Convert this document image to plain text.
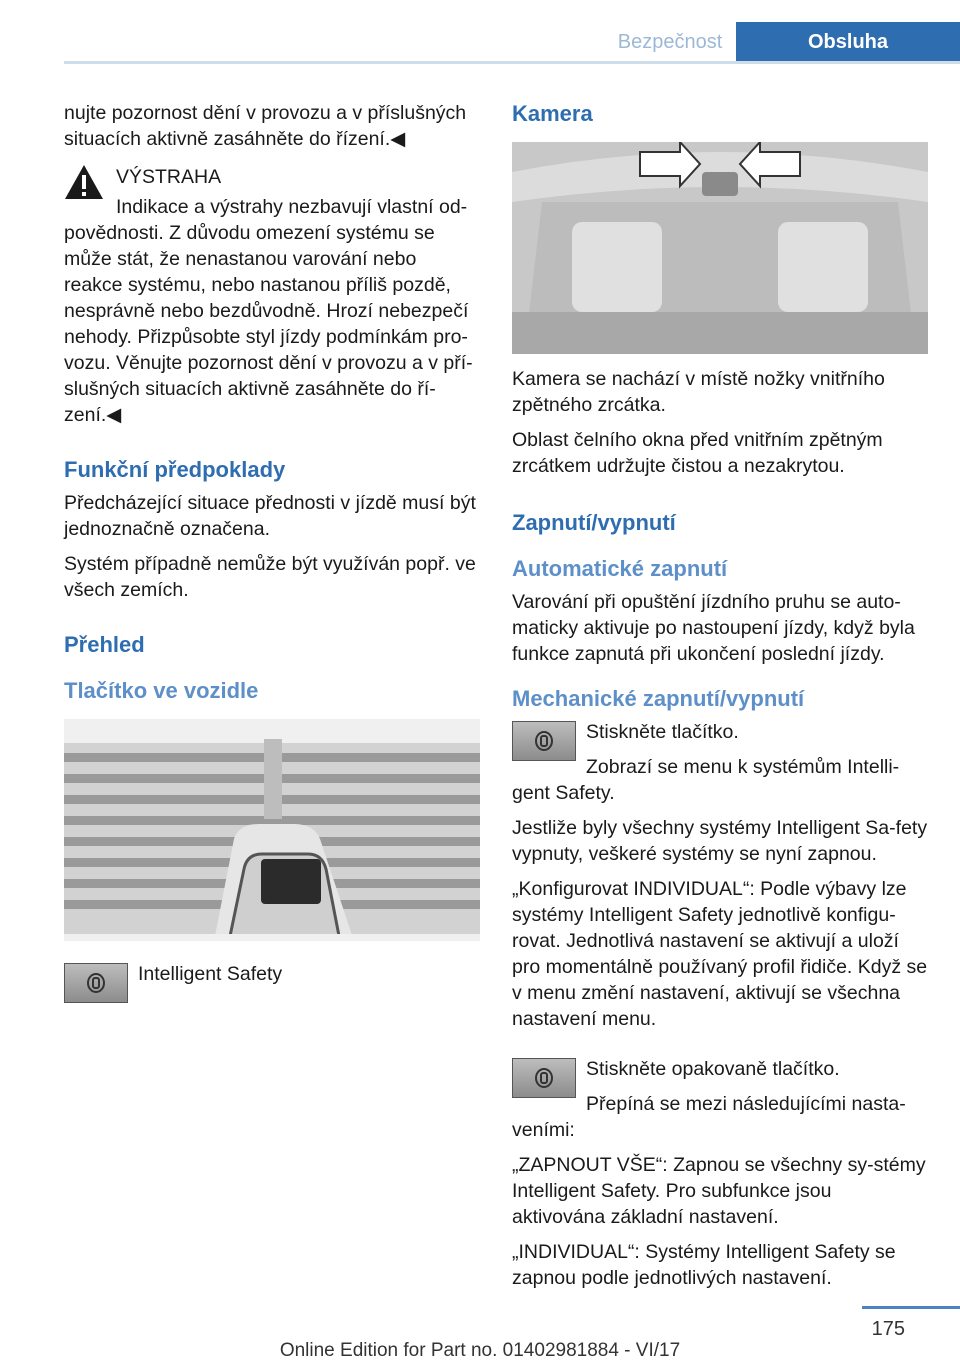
Bezpečnost	Obsluha

nujte pozornost dění v provozu a v příslušných situacích aktivně zasáhněte do řízení.◀

VÝSTRAHA

Indikace a výstrahy nezbavují vlastní od-
povědnosti. Z důvodu omezení systému se může stát, že nenastanou varování nebo reakce systému, nebo nastanou příliš pozdě, nesprávně nebo bezdůvodně. Hrozí nebezpečí nehody. Přizpůsobte styl jízdy podmínkám pro-vozu. Věnujte pozornost dění v provozu a v pří-slušných situacích aktivně zasáhněte do ří-zení.◀

Funkční předpoklady

Předcházející situace přednosti v jízdě musí být jednoznačně označena.

Systém případně nemůže být využíván popř. ve všech zemích.

Přehled
Tlačítko ve vozidle

Intelligent Safety

Kamera

Kamera se nachází v místě nožky vnitřního zpětného zrcátka.

Oblast čelního okna před vnitřním zpětným zrcátkem udržujte čistou a nezakrytou.

Zapnutí/vypnutí
Automatické zapnutí

Varování při opuštění jízdního pruhu se auto-maticky aktivuje po nastoupení jízdy, když byla funkce zapnutá při ukončení poslední jízdy.

Mechanické zapnutí/vypnutí

Stiskněte tlačítko.

Zobrazí se menu k systémům Intelli-
gent Safety.

Jestliže byly všechny systémy Intelligent Sa-fety vypnuty, veškeré systémy se nyní zapnou.

„Konfigurovat INDIVIDUAL“: Podle výbavy lze systémy Intelligent Safety jednotlivě konfigu-rovat. Jednotlivá nastavení se aktivují a uloží pro momentálně používaný profil řidiče. Když se v menu změní nastavení, aktivují se všechna nastavení menu.

Stiskněte opakovaně tlačítko.

Přepíná se mezi následujícími nasta-
veními:

„ZAPNOUT VŠE“: Zapnou se všechny sy-stémy Intelligent Safety. Pro subfunkce jsou aktivována základní nastavení.

„INDIVIDUAL“: Systémy Intelligent Safety se zapnou podle jednotlivých nastavení.

175
Online Edition for Part no. 01402981884 - VI/17
